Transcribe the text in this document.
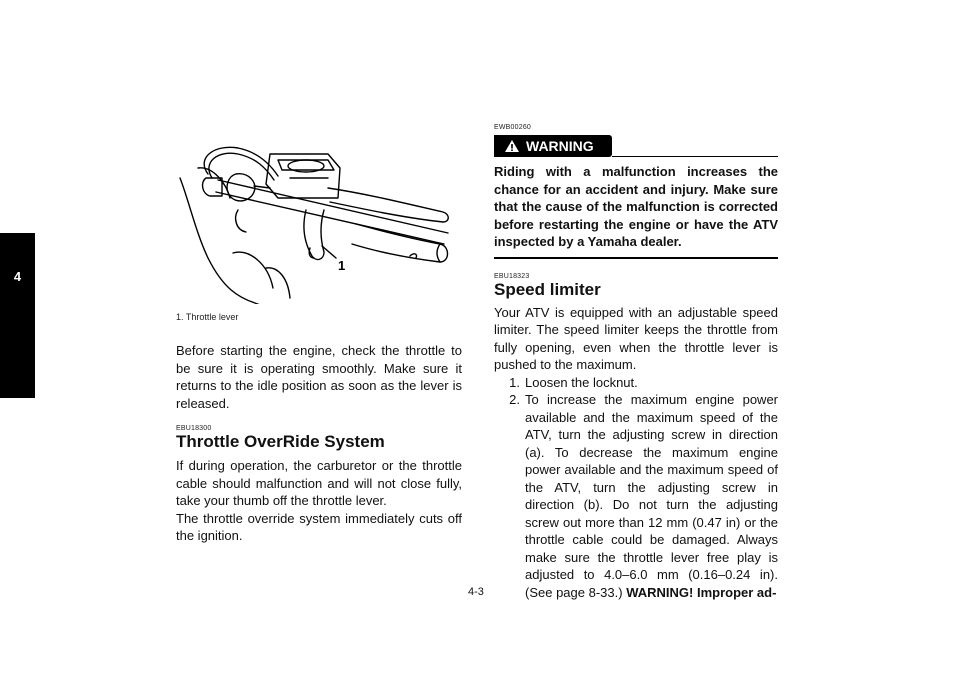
4
1
1. Throttle lever

Before starting the engine, check the throttle to be sure it is operating smoothly. Make sure it returns to the idle position as soon as the lever is released.

EBU18300

Throttle OverRide System

If during operation, the carburetor or the throttle cable should malfunction and will not close fully, take your thumb off the throttle lever.

The throttle override system immediately cuts off the ignition.

EWB00260

WARNING

Riding with a malfunction increases the chance for an accident and injury. Make sure that the cause of the malfunction is corrected before restarting the engine or have the ATV inspected by a Yamaha dealer.

EBU18323

Speed limiter

Your ATV is equipped with an adjustable speed limiter. The speed limiter keeps the throttle from fully opening, even when the throttle lever is pushed to the maximum.

1. Loosen the locknut.
2. To increase the maximum engine power available and the maximum speed of the ATV, turn the adjusting screw in direction (a). To decrease the maximum engine power available and the maximum speed of the ATV, turn the adjusting screw in direction (b). Do not turn the adjusting screw out more than 12 mm (0.47 in) or the throttle cable could be damaged. Always make sure the throttle lever free play is adjusted to 4.0–6.0 mm (0.16–0.24 in). (See page 8-33.) WARNING! Improper ad-
4-3
